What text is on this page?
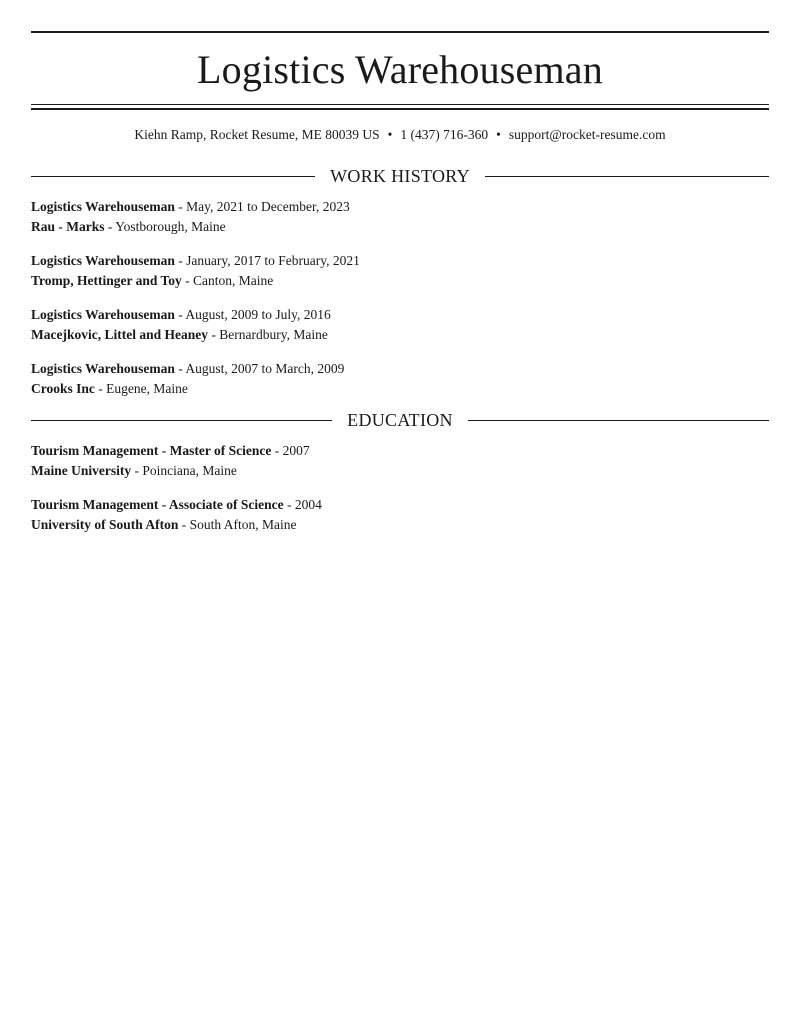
Logistics Warehouseman
Kiehn Ramp, Rocket Resume, ME 80039 US • 1 (437) 716-360 • support@rocket-resume.com
WORK HISTORY
Logistics Warehouseman - May, 2021 to December, 2023
Rau - Marks - Yostborough, Maine
Logistics Warehouseman - January, 2017 to February, 2021
Tromp, Hettinger and Toy - Canton, Maine
Logistics Warehouseman - August, 2009 to July, 2016
Macejkovic, Littel and Heaney - Bernardbury, Maine
Logistics Warehouseman - August, 2007 to March, 2009
Crooks Inc - Eugene, Maine
EDUCATION
Tourism Management - Master of Science - 2007
Maine University - Poinciana, Maine
Tourism Management - Associate of Science - 2004
University of South Afton - South Afton, Maine
